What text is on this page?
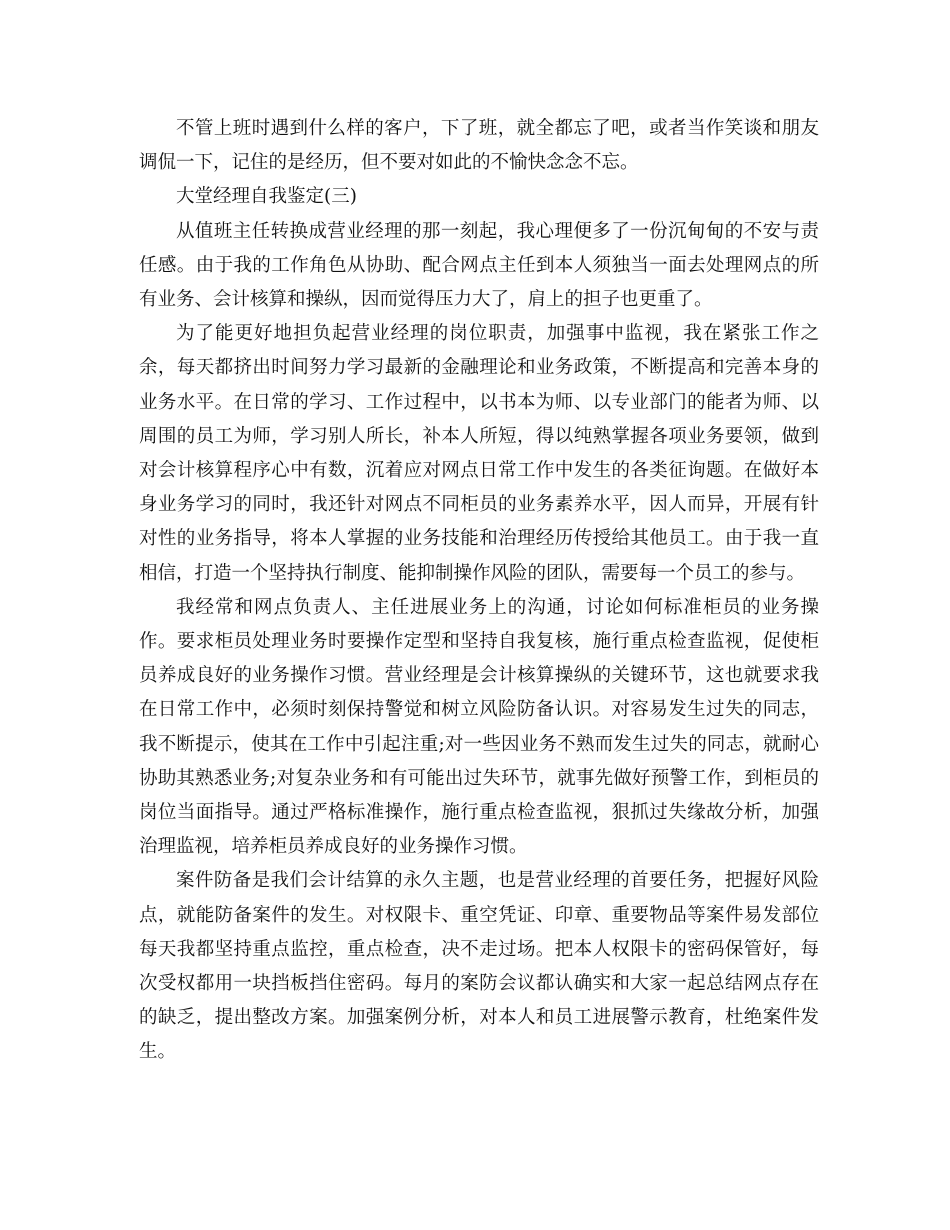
不管上班时遇到什么样的客户，下了班，就全都忘了吧，或者当作笑谈和朋友调侃一下，记住的是经历，但不要对如此的不愉快念念不忘。

大堂经理自我鉴定(三)

从值班主任转换成营业经理的那一刻起，我心理便多了一份沉甸甸的不安与责任感。由于我的工作角色从协助、配合网点主任到本人须独当一面去处理网点的所有业务、会计核算和操纵，因而觉得压力大了，肩上的担子也更重了。

为了能更好地担负起营业经理的岗位职责，加强事中监视，我在紧张工作之余，每天都挤出时间努力学习最新的金融理论和业务政策，不断提高和完善本身的业务水平。在日常的学习、工作过程中，以书本为师、以专业部门的能者为师、以周围的员工为师，学习别人所长，补本人所短，得以纯熟掌握各项业务要领，做到对会计核算程序心中有数，沉着应对网点日常工作中发生的各类征询题。在做好本身业务学习的同时，我还针对网点不同柜员的业务素养水平，因人而异，开展有针对性的业务指导，将本人掌握的业务技能和治理经历传授给其他员工。由于我一直相信，打造一个坚持执行制度、能抑制操作风险的团队，需要每一个员工的参与。

我经常和网点负责人、主任进展业务上的沟通，讨论如何标准柜员的业务操作。要求柜员处理业务时要操作定型和坚持自我复核，施行重点检查监视，促使柜员养成良好的业务操作习惯。营业经理是会计核算操纵的关键环节，这也就要求我在日常工作中，必须时刻保持警觉和树立风险防备认识。对容易发生过失的同志，我不断提示，使其在工作中引起注重;对一些因业务不熟而发生过失的同志，就耐心协助其熟悉业务;对复杂业务和有可能出过失环节，就事先做好预警工作，到柜员的岗位当面指导。通过严格标准操作，施行重点检查监视，狠抓过失缘故分析，加强治理监视，培养柜员养成良好的业务操作习惯。

案件防备是我们会计结算的永久主题，也是营业经理的首要任务，把握好风险点，就能防备案件的发生。对权限卡、重空凭证、印章、重要物品等案件易发部位每天我都坚持重点监控，重点检查，决不走过场。把本人权限卡的密码保管好，每次受权都用一块挡板挡住密码。每月的案防会议都认确实和大家一起总结网点存在的缺乏，提出整改方案。加强案例分析，对本人和员工进展警示教育，杜绝案件发生。
